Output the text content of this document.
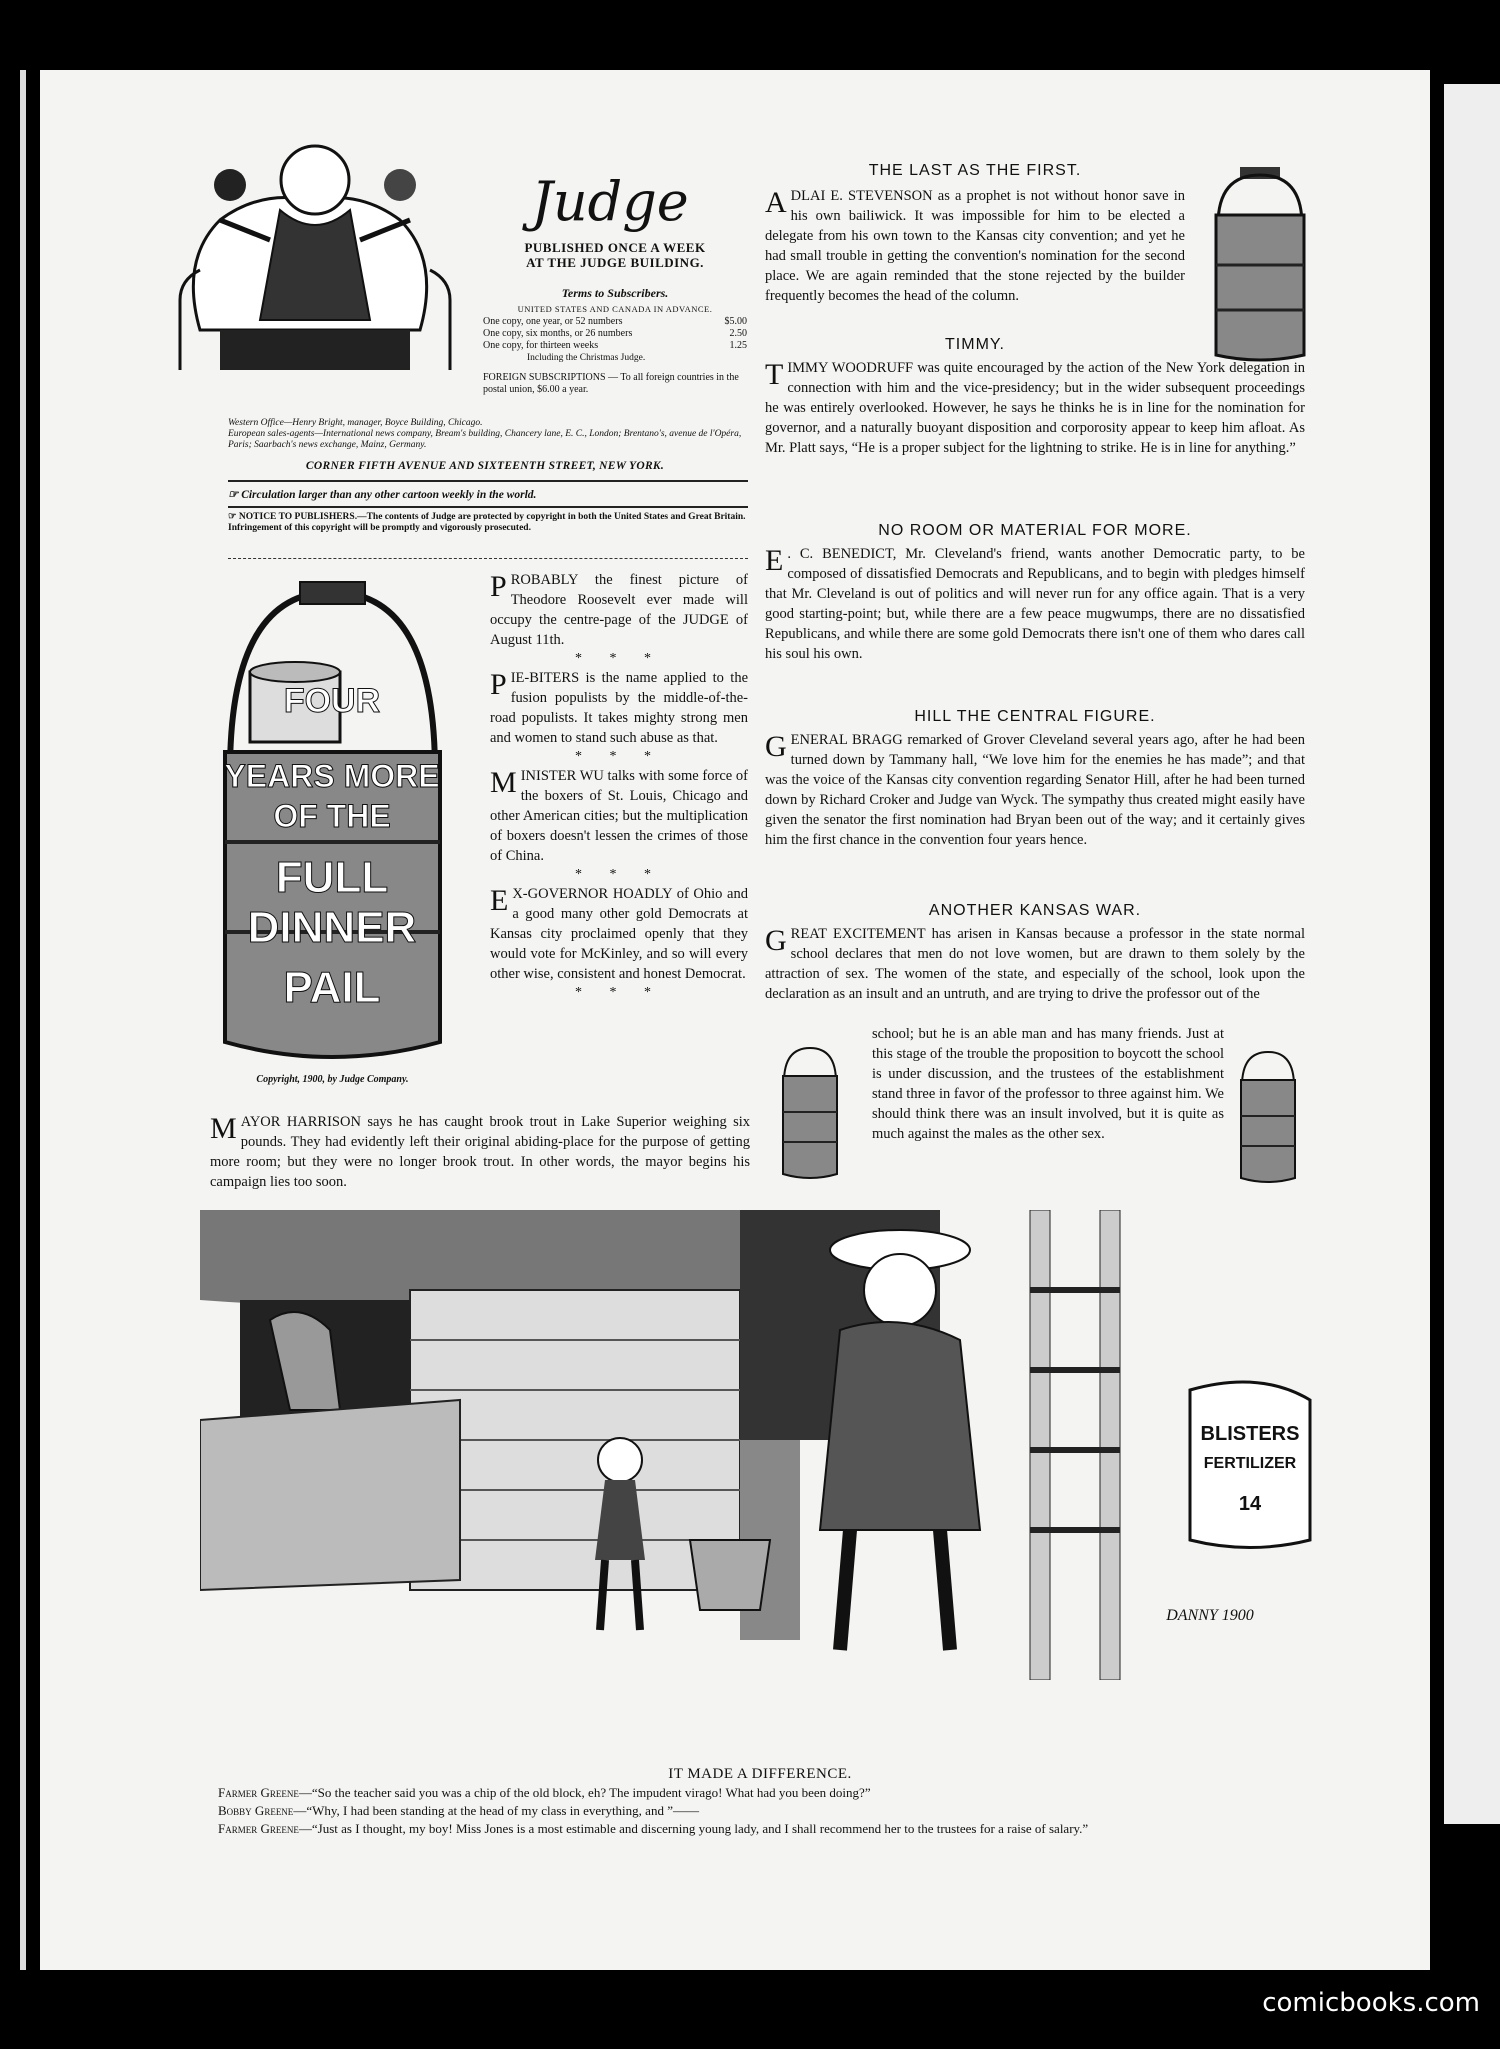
Judge
PUBLISHED ONCE A WEEK
AT THE JUDGE BUILDING.
Terms to Subscribers.
UNITED STATES AND CANADA IN ADVANCE.
One copy, one year, or 52 numbers	$5.00
One copy, six months, or 26 numbers	2.50
One copy, for thirteen weeks	1.25
Including the Christmas Judge.
FOREIGN SUBSCRIPTIONS — To all foreign countries in the postal union, $6.00 a year.
Western Office—Henry Bright, manager, Boyce Building, Chicago.
European sales-agents—International news company, Bream's building, Chancery lane, E. C., London; Brentano's, avenue de l'Opéra, Paris; Saarbach's news exchange, Mainz, Germany.
CORNER FIFTH AVENUE AND SIXTEENTH STREET, NEW YORK.
☞ Circulation larger than any other cartoon weekly in the world.
☞ NOTICE TO PUBLISHERS.—The contents of Judge are protected by copyright in both the United States and Great Britain. Infringement of this copyright will be promptly and vigorously prosecuted.
FOUR
YEARS MORE
OF THE
FULL
DINNER
PAIL
Copyright, 1900, by Judge Company.

PROBABLY the finest picture of Theodore Roosevelt ever made will occupy the centre-page of the JUDGE of August 11th.

* * *

PIE-BITERS is the name applied to the fusion populists by the middle-of-the-road populists. It takes mighty strong men and women to stand such abuse as that.

* * *

MINISTER WU talks with some force of the boxers of St. Louis, Chicago and other American cities; but the multiplication of boxers doesn't lessen the crimes of those of China.

* * *

E X-GOVERNOR HOADLY of Ohio and a good many other gold Democrats at Kansas city proclaimed openly that they would vote for McKinley, and so will every other wise, consistent and honest Democrat.

* * *
MAYOR HARRISON says he has caught brook trout in Lake Superior weighing six pounds. They had evidently left their original abiding-place for the purpose of getting more room; but they were no longer brook trout. In other words, the mayor begins his campaign lies too soon.
THE LAST AS THE FIRST.
ADLAI E. STEVENSON as a prophet is not without honor save in his own bailiwick. It was impossible for him to be elected a delegate from his own town to the Kansas city convention; and yet he had small trouble in getting the convention's nomination for the second place. We are again reminded that the stone rejected by the builder frequently becomes the head of the column.
TIMMY.
TIMMY WOODRUFF was quite encouraged by the action of the New York delegation in connection with him and the vice-presidency; but in the wider subsequent proceedings he was entirely overlooked. However, he says he thinks he is in line for the nomination for governor, and a naturally buoyant disposition and corporosity appear to keep him afloat. As Mr. Platt says, “He is a proper subject for the lightning to strike. He is in line for anything.”
NO ROOM OR MATERIAL FOR MORE.
E . C. BENEDICT, Mr. Cleveland's friend, wants another Democratic party, to be composed of dissatisfied Democrats and Republicans, and to begin with pledges himself that Mr. Cleveland is out of politics and will never run for any office again. That is a very good starting-point; but, while there are a few peace mugwumps, there are no dissatisfied Republicans, and while there are some gold Democrats there isn't one of them who dares call his soul his own.
HILL THE CENTRAL FIGURE.
GENERAL BRAGG remarked of Grover Cleveland several years ago, after he had been turned down by Tammany hall, “We love him for the enemies he has made”; and that was the voice of the Kansas city convention regarding Senator Hill, after he had been turned down by Richard Croker and Judge van Wyck. The sympathy thus created might easily have given the senator the first nomination had Bryan been out of the way; and it certainly gives him the first chance in the convention four years hence.
ANOTHER KANSAS WAR.
GREAT EXCITEMENT has arisen in Kansas because a professor in the state normal school declares that men do not love women, but are drawn to them solely by the attraction of sex. The women of the state, and especially of the school, look upon the declaration as an insult and an untruth, and are trying to drive the professor out of the
school; but he is an able man and has many friends. Just at this stage of the trouble the proposition to boycott the school is under discussion, and the trustees of the establishment stand three in favor of the professor to three against him. We should think there was an insult involved, but it is quite as much against the males as the other sex.
BLISTERS
FERTILIZER
14
DANNY 1900
IT MADE A DIFFERENCE.
Farmer Greene—“So the teacher said you was a chip of the old block, eh? The impudent virago! What had you been doing?”
Bobby Greene—“Why, I had been standing at the head of my class in everything, and ”——
Farmer Greene—“Just as I thought, my boy! Miss Jones is a most estimable and discerning young lady, and I shall recommend her to the trustees for a raise of salary.”
comicbooks.com
